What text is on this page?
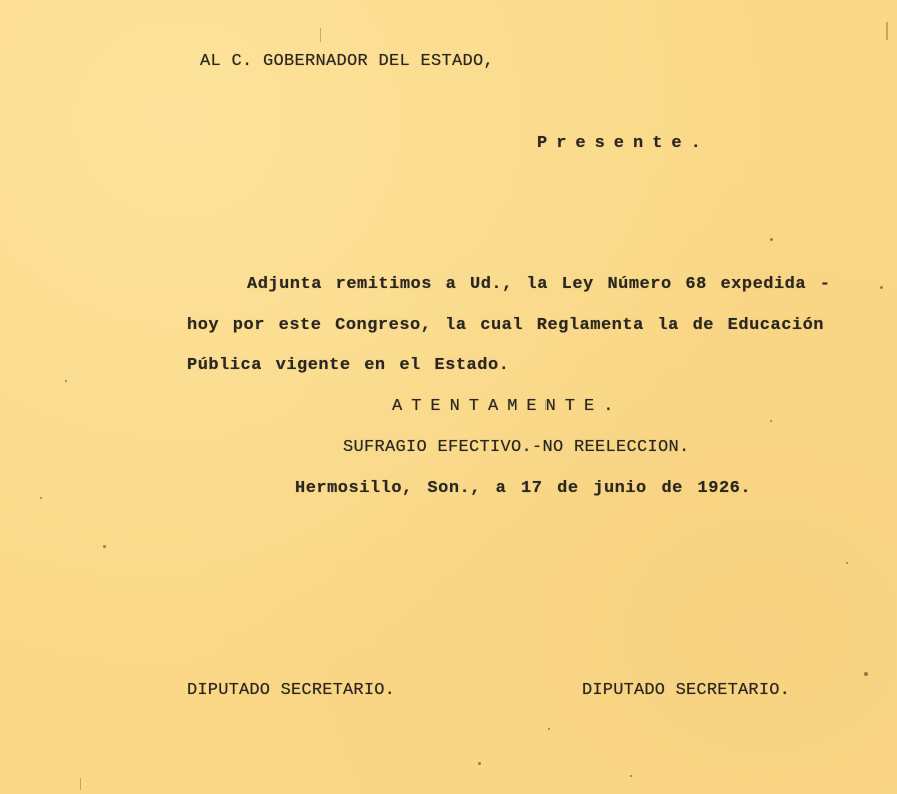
AL C. GOBERNADOR DEL ESTADO,
Presente.
Adjunta remitimos a Ud., la Ley Número 68 expedida -
hoy por este Congreso, la cual Reglamenta la de Educación
Pública vigente en el Estado.
ATENTAMENTE.
SUFRAGIO EFECTIVO.-NO REELECCION.
Hermosillo, Son., a 17 de junio de 1926.
DIPUTADO SECRETARIO.	DIPUTADO SECRETARIO.
